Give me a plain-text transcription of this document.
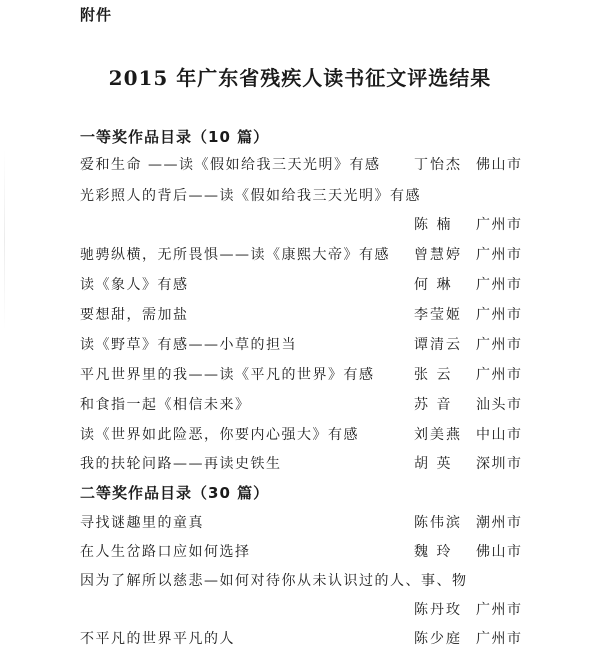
附件
2015 年广东省残疾人读书征文评选结果
一等奖作品目录（10 篇）
爱和生命 ——读《假如给我三天光明》有感 丁怡杰 佛山市
光彩照人的背后——读《假如给我三天光明》有感
陈 楠 广州市
驰骋纵横，无所畏惧——读《康熙大帝》有感 曾慧婷 广州市
读《象人》有感	何 琳 广州市
要想甜，需加盐	李莹姬 广州市
读《野草》有感——小草的担当	谭清云 广州市
平凡世界里的我——读《平凡的世界》有感	张 云 广州市
和食指一起《相信未来》	苏 音 汕头市
读《世界如此险恶，你要内心强大》有感	刘美燕 中山市
我的扶轮问路——再读史铁生	胡 英 深圳市
二等奖作品目录（30 篇）
寻找谜趣里的童真	陈伟滨 潮州市
在人生岔路口应如何选择	魏 玲 佛山市
因为了解所以慈悲—如何对待你从未认识过的人、事、物
陈丹玫 广州市
不平凡的世界平凡的人	陈少庭 广州市
